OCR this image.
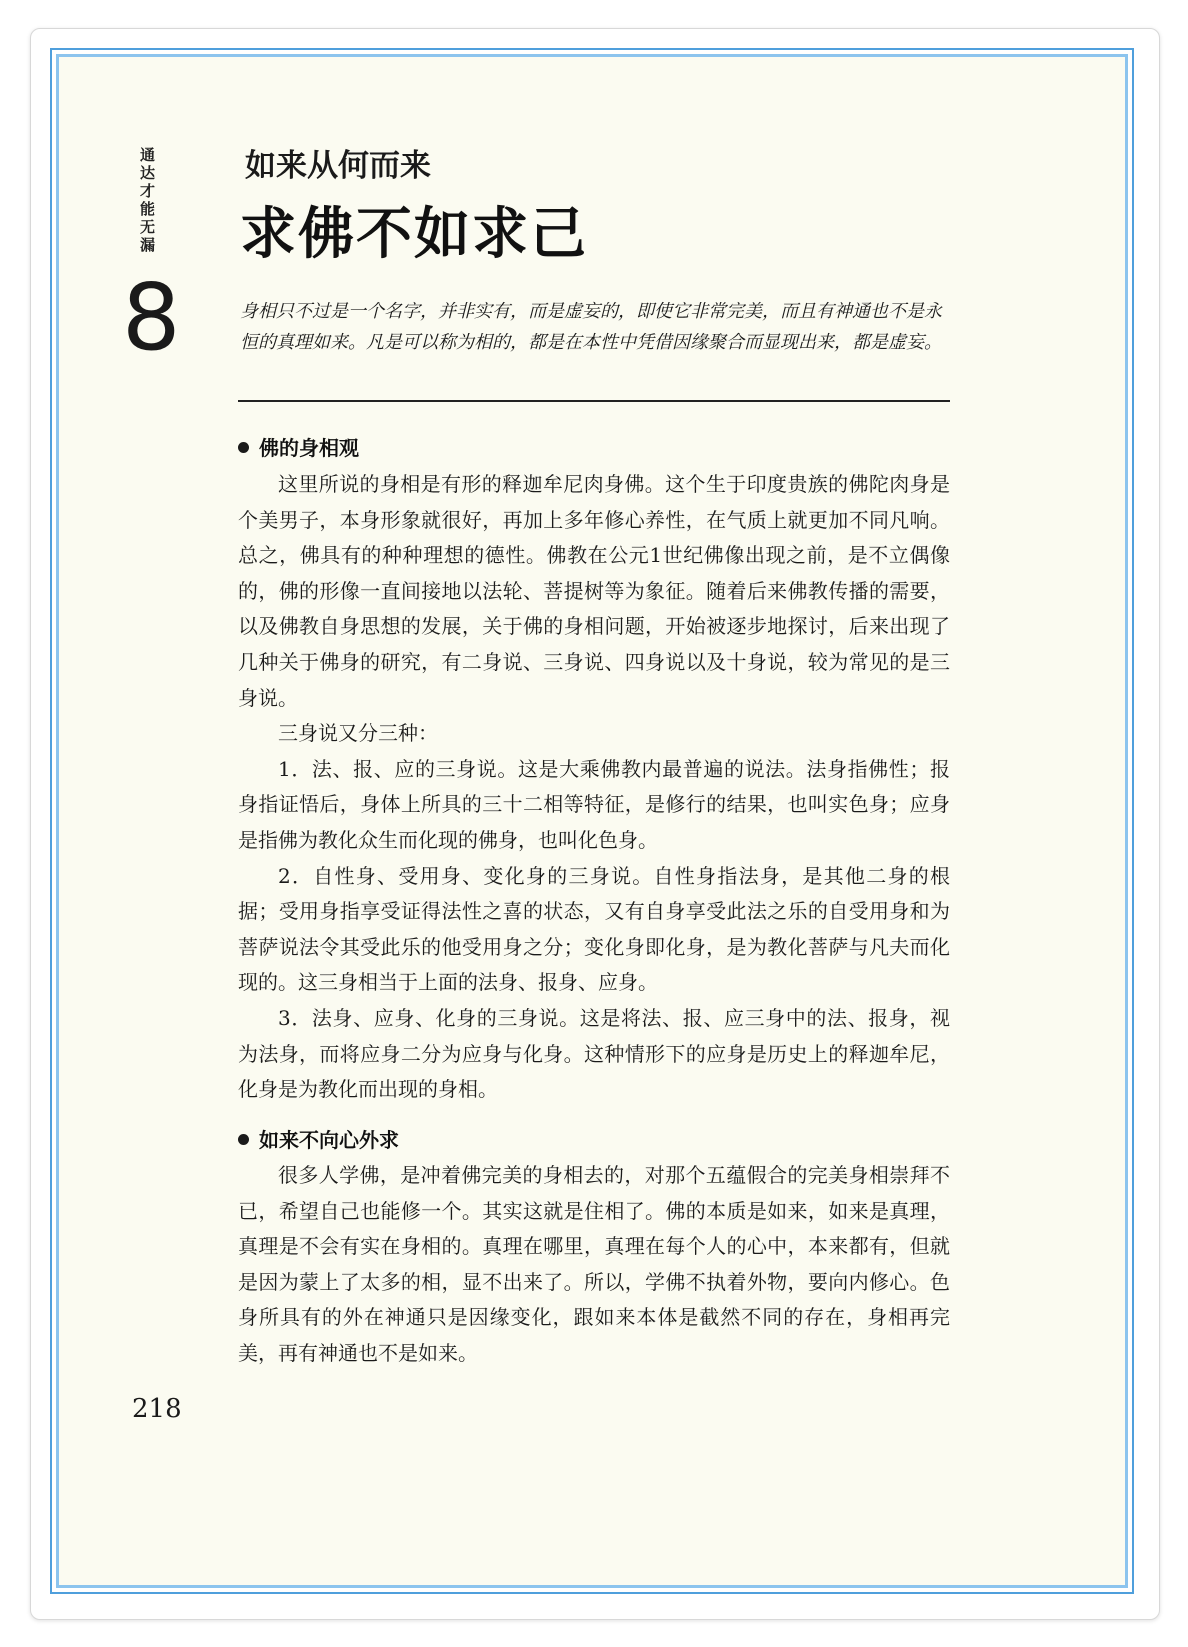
通达才能无漏
8
如来从何而来
求佛不如求己
身相只不过是一个名字，并非实有，而是虚妄的，即使它非常完美，而且有神通也不是永恒的真理如来。凡是可以称为相的，都是在本性中凭借因缘聚合而显现出来，都是虚妄。
佛的身相观

这里所说的身相是有形的释迦牟尼肉身佛。这个生于印度贵族的佛陀肉身是个美男子，本身形象就很好，再加上多年修心养性，在气质上就更加不同凡响。总之，佛具有的种种理想的德性。佛教在公元1世纪佛像出现之前，是不立偶像的，佛的形像一直间接地以法轮、菩提树等为象征。随着后来佛教传播的需要，以及佛教自身思想的发展，关于佛的身相问题，开始被逐步地探讨，后来出现了几种关于佛身的研究，有二身说、三身说、四身说以及十身说，较为常见的是三身说。

三身说又分三种：

1．法、报、应的三身说。这是大乘佛教内最普遍的说法。法身指佛性；报身指证悟后，身体上所具的三十二相等特征，是修行的结果，也叫实色身；应身是指佛为教化众生而化现的佛身，也叫化色身。

2．自性身、受用身、变化身的三身说。自性身指法身，是其他二身的根据；受用身指享受证得法性之喜的状态，又有自身享受此法之乐的自受用身和为菩萨说法令其受此乐的他受用身之分；变化身即化身，是为教化菩萨与凡夫而化现的。这三身相当于上面的法身、报身、应身。

3．法身、应身、化身的三身说。这是将法、报、应三身中的法、报身，视为法身，而将应身二分为应身与化身。这种情形下的应身是历史上的释迦牟尼，化身是为教化而出现的身相。

如来不向心外求

很多人学佛，是冲着佛完美的身相去的，对那个五蕴假合的完美身相崇拜不已，希望自己也能修一个。其实这就是住相了。佛的本质是如来，如来是真理，真理是不会有实在身相的。真理在哪里，真理在每个人的心中，本来都有，但就是因为蒙上了太多的相，显不出来了。所以，学佛不执着外物，要向内修心。色身所具有的外在神通只是因缘变化，跟如来本体是截然不同的存在，身相再完美，再有神通也不是如来。

218
